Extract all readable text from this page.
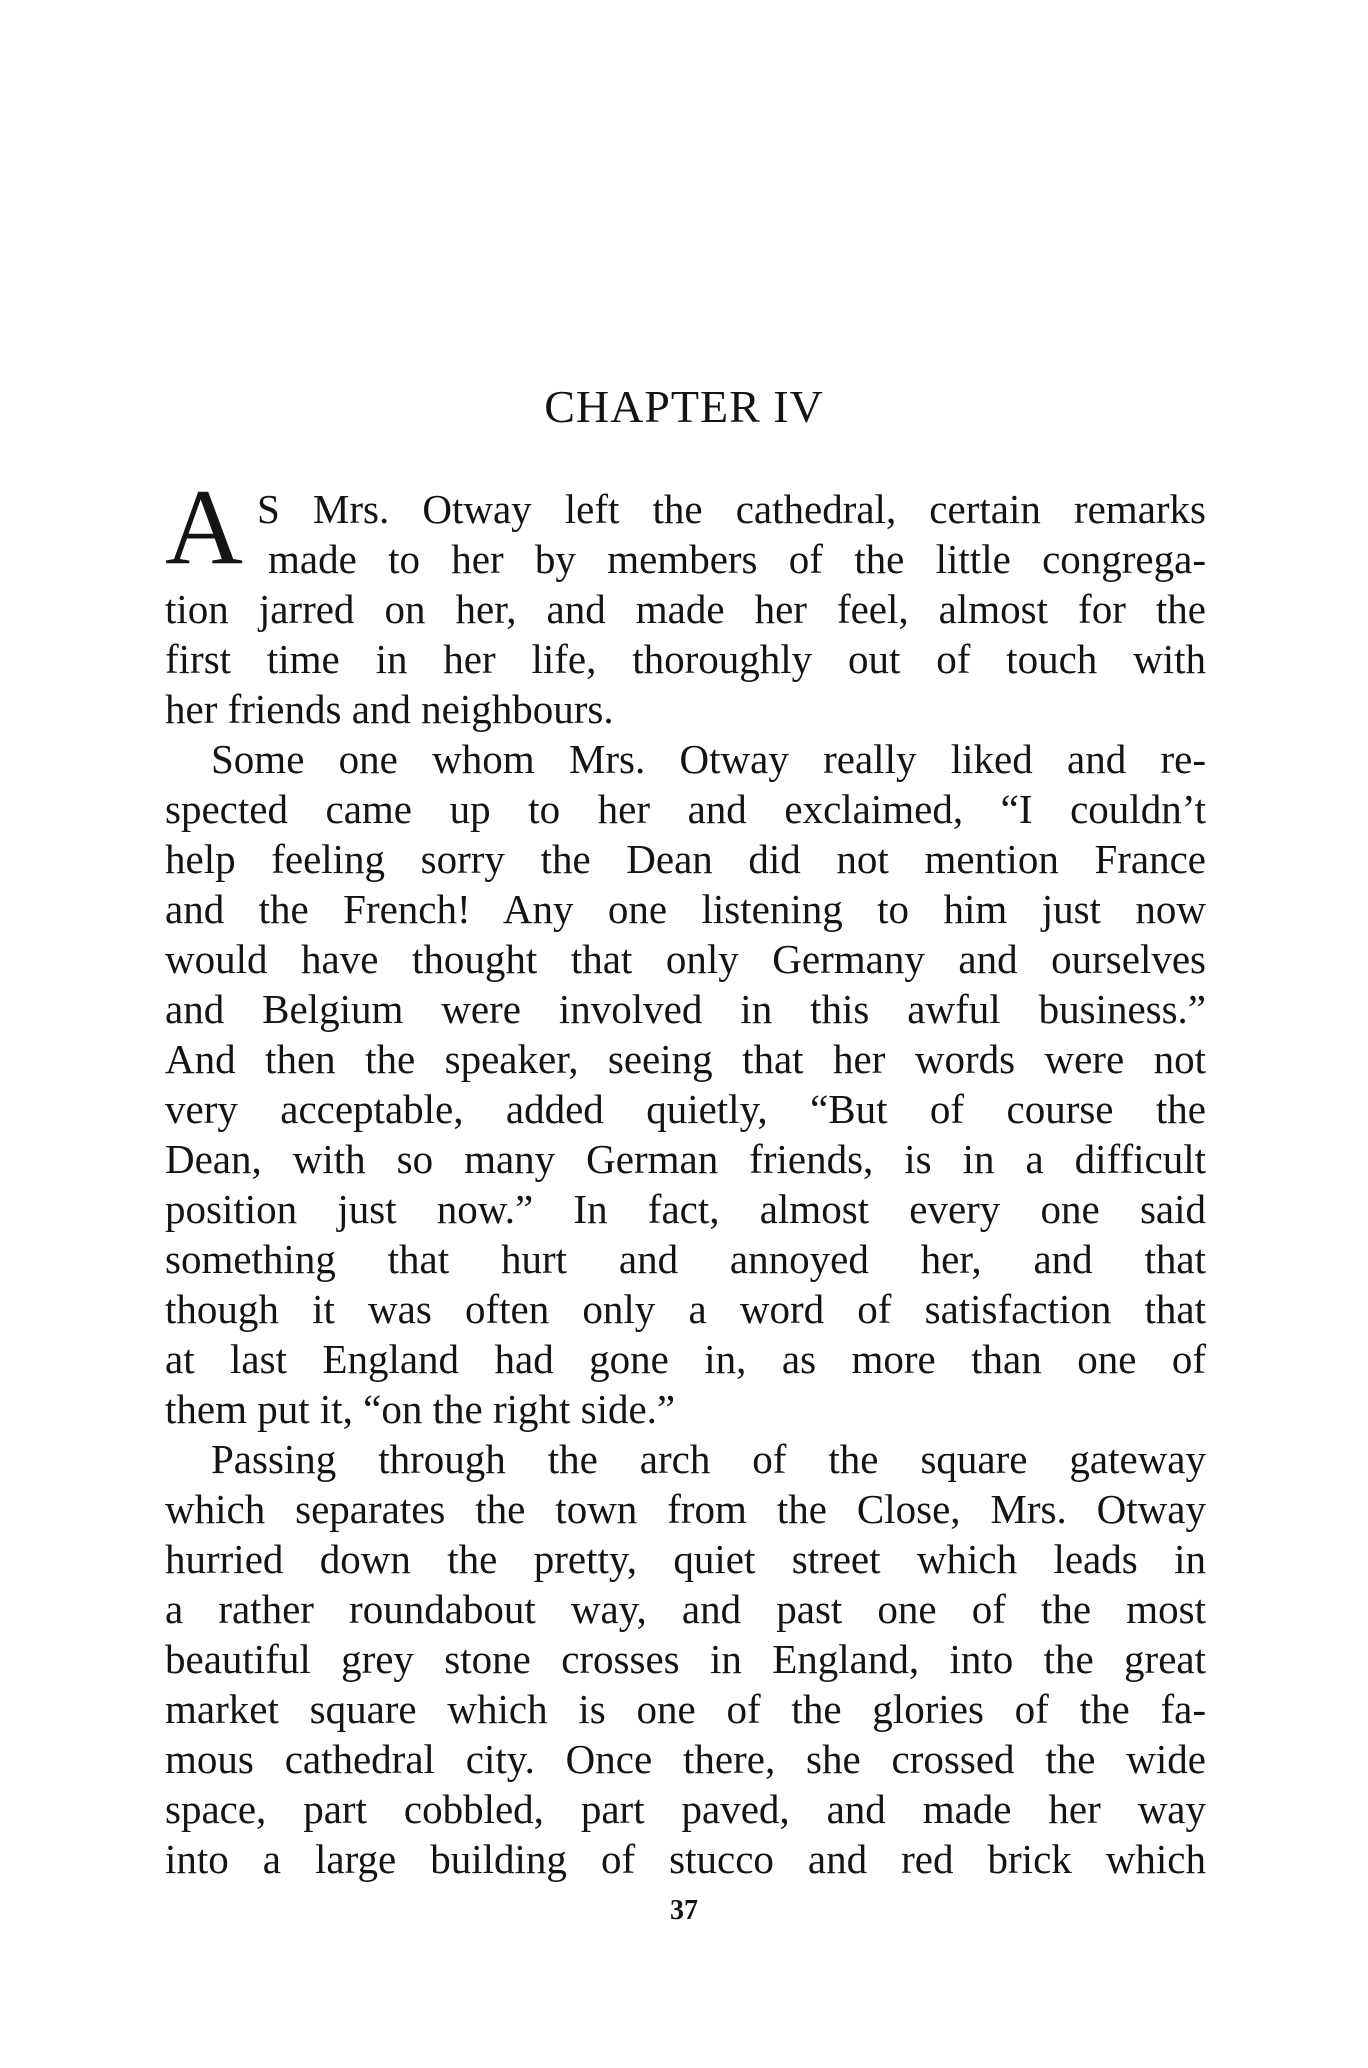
CHAPTER IV
A S Mrs. Otway left the cathedral, certain remarks
made to her by members of the little congrega-
tion jarred on her, and made her feel, almost for the
first time in her life, thoroughly out of touch with
her friends and neighbours.
Some one whom Mrs. Otway really liked and re-
spected came up to her and exclaimed, “I couldn’t
help feeling sorry the Dean did not mention France
and the French! Any one listening to him just now
would have thought that only Germany and ourselves
and Belgium were involved in this awful business.”
And then the speaker, seeing that her words were not
very acceptable, added quietly, “But of course the
Dean, with so many German friends, is in a difficult
position just now.” In fact, almost every one said
something that hurt and annoyed her, and that
though it was often only a word of satisfaction that
at last England had gone in, as more than one of
them put it, “on the right side.”
Passing through the arch of the square gateway
which separates the town from the Close, Mrs. Otway
hurried down the pretty, quiet street which leads in
a rather roundabout way, and past one of the most
beautiful grey stone crosses in England, into the great
market square which is one of the glories of the fa-
mous cathedral city. Once there, she crossed the wide
space, part cobbled, part paved, and made her way
into a large building of stucco and red brick which
37
